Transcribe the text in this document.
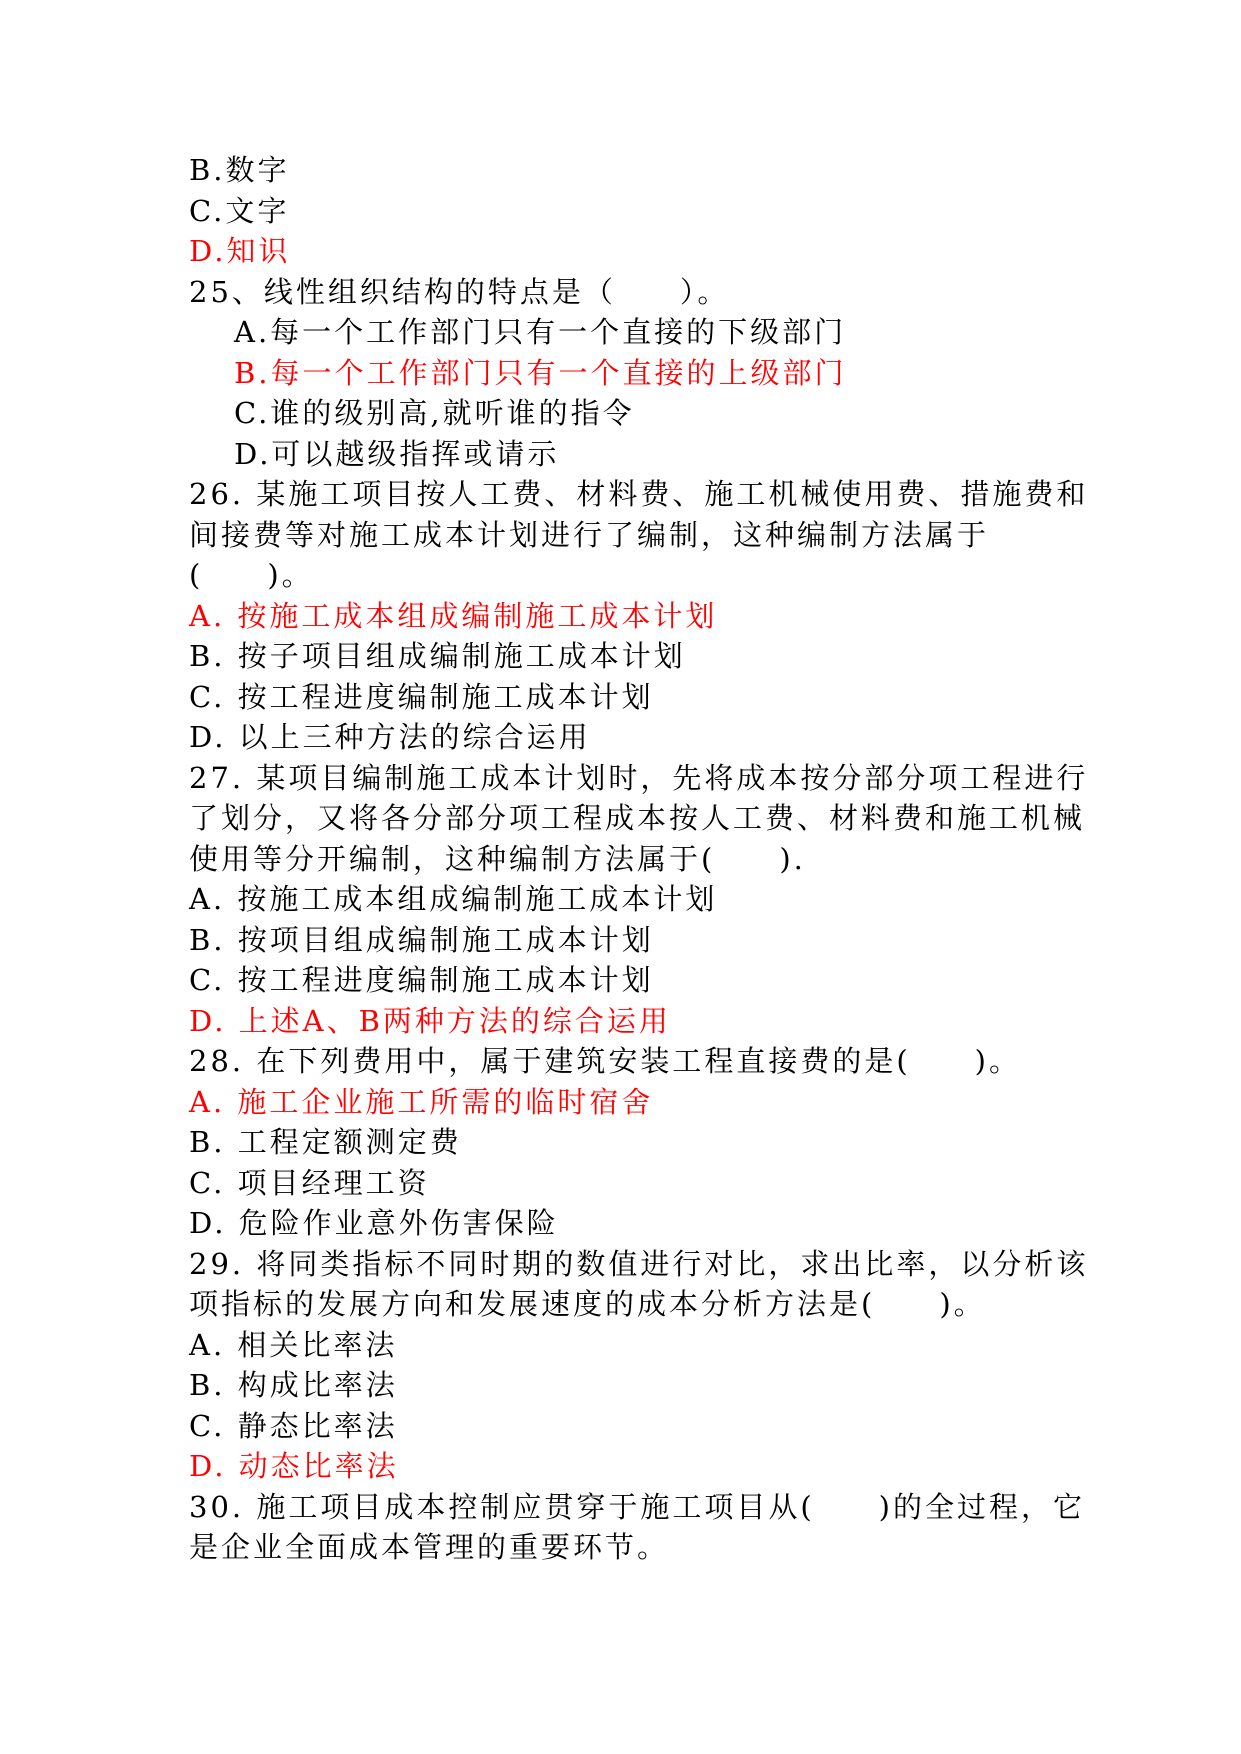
B.数字
C.文字
D.知识
25、线性组织结构的特点是（　　）。
A.每一个工作部门只有一个直接的下级部门
B.每一个工作部门只有一个直接的上级部门
C.谁的级别高,就听谁的指令
D.可以越级指挥或请示
26. 某施工项目按人工费、材料费、施工机械使用费、措施费和
间接费等对施工成本计划进行了编制，这种编制方法属于
(　　)。
A. 按施工成本组成编制施工成本计划
B. 按子项目组成编制施工成本计划
C. 按工程进度编制施工成本计划
D. 以上三种方法的综合运用
27. 某项目编制施工成本计划时，先将成本按分部分项工程进行
了划分，又将各分部分项工程成本按人工费、材料费和施工机械
使用等分开编制，这种编制方法属于(　　).
A. 按施工成本组成编制施工成本计划
B. 按项目组成编制施工成本计划
C. 按工程进度编制施工成本计划
D. 上述A、B两种方法的综合运用
28. 在下列费用中，属于建筑安装工程直接费的是(　　)。
A. 施工企业施工所需的临时宿舍
B. 工程定额测定费
C. 项目经理工资
D. 危险作业意外伤害保险
29. 将同类指标不同时期的数值进行对比，求出比率，以分析该
项指标的发展方向和发展速度的成本分析方法是(　　)。
A. 相关比率法
B. 构成比率法
C. 静态比率法
D. 动态比率法
30. 施工项目成本控制应贯穿于施工项目从(　　)的全过程，它
是企业全面成本管理的重要环节。
